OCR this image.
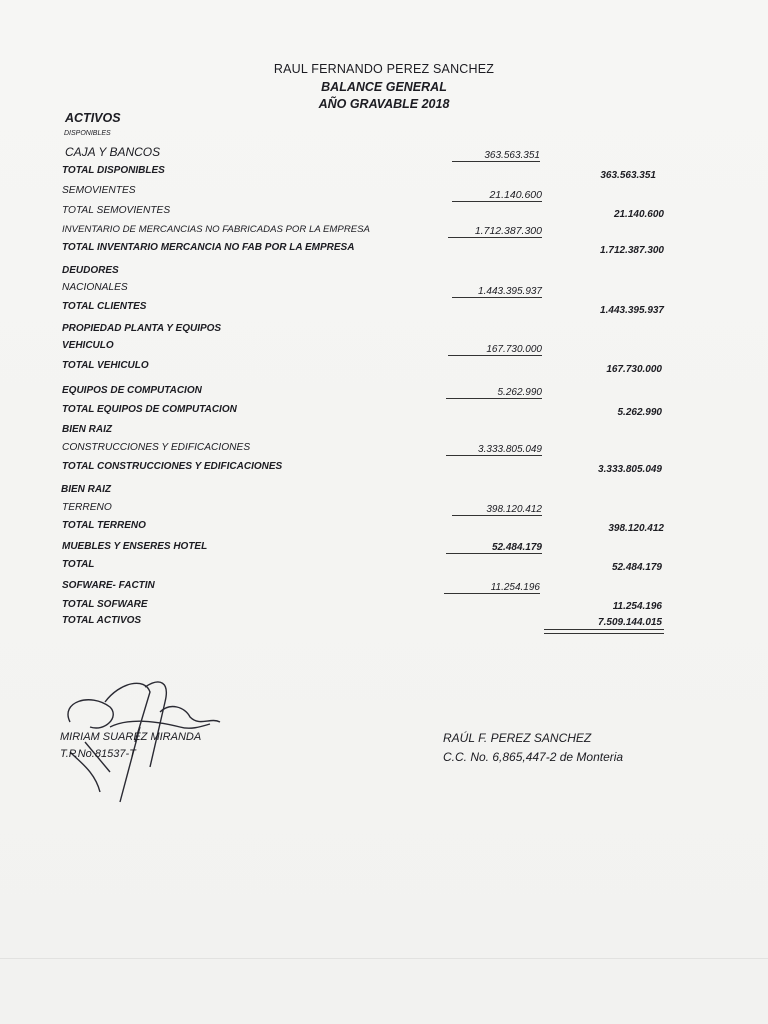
RAUL FERNANDO PEREZ SANCHEZ
BALANCE GENERAL
AÑO GRAVABLE 2018
ACTIVOS
DISPONIBLES
CAJA Y BANCOS	363.563.351
TOTAL DISPONIBLES	363.563.351
SEMOVIENTES	21.140.600
TOTAL SEMOVIENTES	21.140.600
INVENTARIO DE MERCANCIAS NO FABRICADAS POR LA EMPRESA	1.712.387.300
TOTAL INVENTARIO MERCANCIA NO FAB POR LA EMPRESA	1.712.387.300
DEUDORES
NACIONALES	1.443.395.937
TOTAL CLIENTES	1.443.395.937
PROPIEDAD PLANTA Y EQUIPOS
VEHICULO	167.730.000
TOTAL VEHICULO	167.730.000
EQUIPOS DE COMPUTACION	5.262.990
TOTAL EQUIPOS DE COMPUTACION	5.262.990
BIEN RAIZ
CONSTRUCCIONES Y EDIFICACIONES	3.333.805.049
TOTAL CONSTRUCCIONES Y EDIFICACIONES	3.333.805.049
BIEN RAIZ
TERRENO	398.120.412
TOTAL TERRENO	398.120.412
MUEBLES Y ENSERES HOTEL	52.484.179
TOTAL	52.484.179
SOFWARE- FACTIN	11.254.196
TOTAL SOFWARE	11.254.196
TOTAL ACTIVOS	7.509.144.015
MIRIAM SUAREZ MIRANDA
T.P.No.81537-T
RAÚL F. PEREZ SANCHEZ
C.C. No. 6,865,447-2 de Monteria
